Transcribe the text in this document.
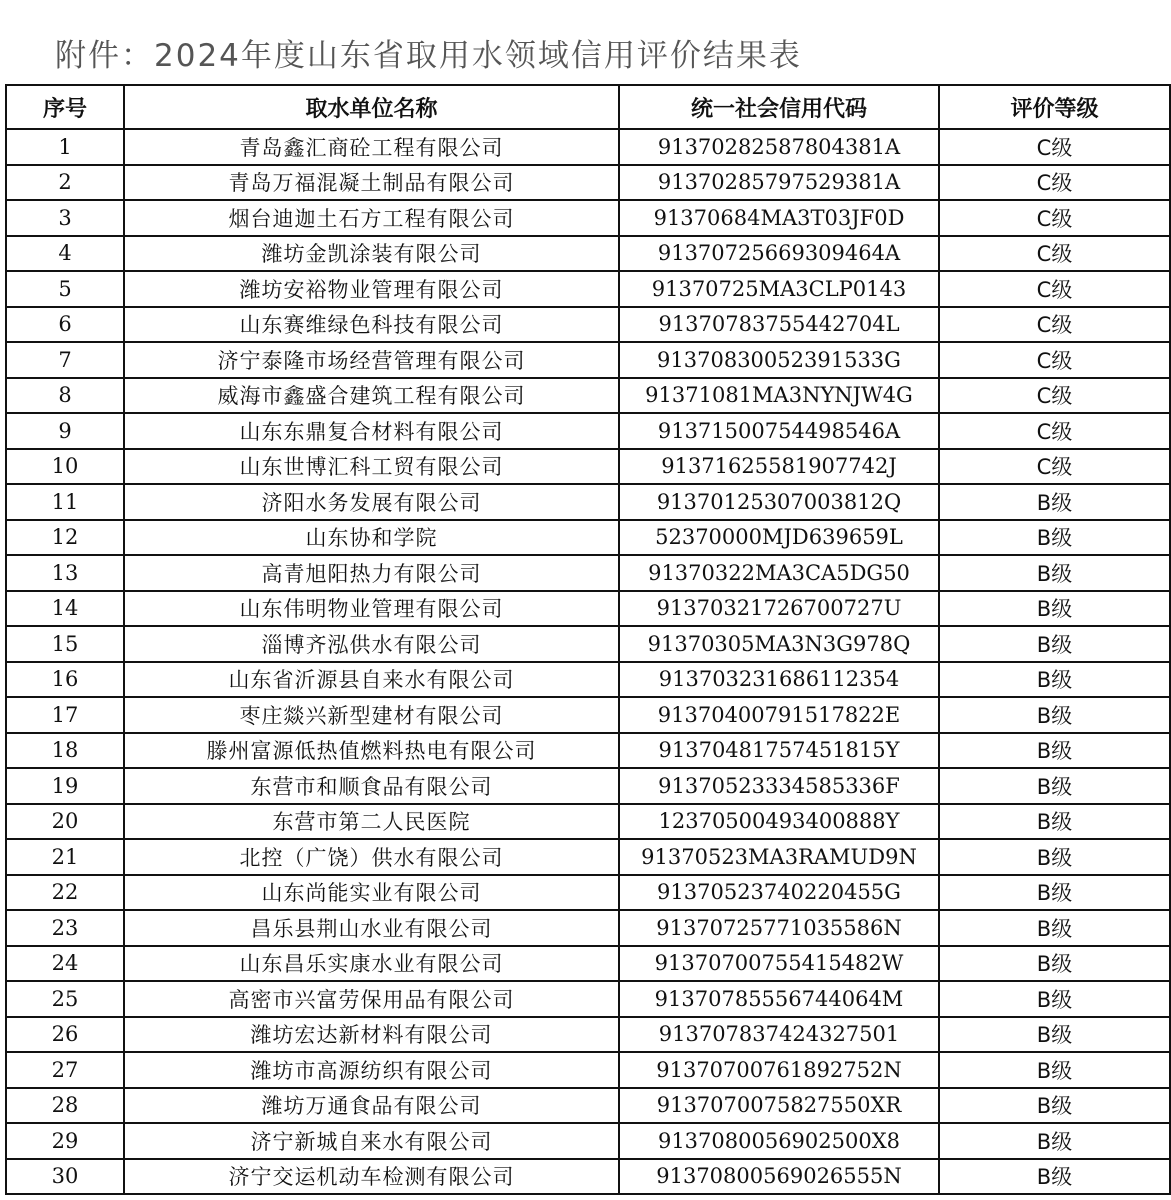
附件：2024年度山东省取用水领域信用评价结果表
序号	取水单位名称	统一社会信用代码	评价等级
1	青岛鑫汇商砼工程有限公司	91370282587804381A	C级
2	青岛万福混凝土制品有限公司	91370285797529381A	C级
3	烟台迪迦土石方工程有限公司	91370684MA3T03JF0D	C级
4	潍坊金凯涂装有限公司	91370725669309464A	C级
5	潍坊安裕物业管理有限公司	91370725MA3CLP0143	C级
6	山东赛维绿色科技有限公司	91370783755442704L	C级
7	济宁泰隆市场经营管理有限公司	91370830052391533G	C级
8	威海市鑫盛合建筑工程有限公司	91371081MA3NYNJW4G	C级
9	山东东鼎复合材料有限公司	91371500754498546A	C级
10	山东世博汇科工贸有限公司	91371625581907742J	C级
11	济阳水务发展有限公司	91370125307003812Q	B级
12	山东协和学院	52370000MJD639659L	B级
13	高青旭阳热力有限公司	91370322MA3CA5DG50	B级
14	山东伟明物业管理有限公司	91370321726700727U	B级
15	淄博齐泓供水有限公司	91370305MA3N3G978Q	B级
16	山东省沂源县自来水有限公司	913703231686112354	B级
17	枣庄燚兴新型建材有限公司	91370400791517822E	B级
18	滕州富源低热值燃料热电有限公司	91370481757451815Y	B级
19	东营市和顺食品有限公司	91370523334585336F	B级
20	东营市第二人民医院	12370500493400888Y	B级
21	北控（广饶）供水有限公司	91370523MA3RAMUD9N	B级
22	山东尚能实业有限公司	91370523740220455G	B级
23	昌乐县荆山水业有限公司	91370725771035586N	B级
24	山东昌乐实康水业有限公司	91370700755415482W	B级
25	高密市兴富劳保用品有限公司	91370785556744064M	B级
26	潍坊宏达新材料有限公司	913707837424327501	B级
27	潍坊市高源纺织有限公司	91370700761892752N	B级
28	潍坊万通食品有限公司	9137070075827550XR	B级
29	济宁新城自来水有限公司	9137080056902500X8	B级
30	济宁交运机动车检测有限公司	91370800569026555N	B级
